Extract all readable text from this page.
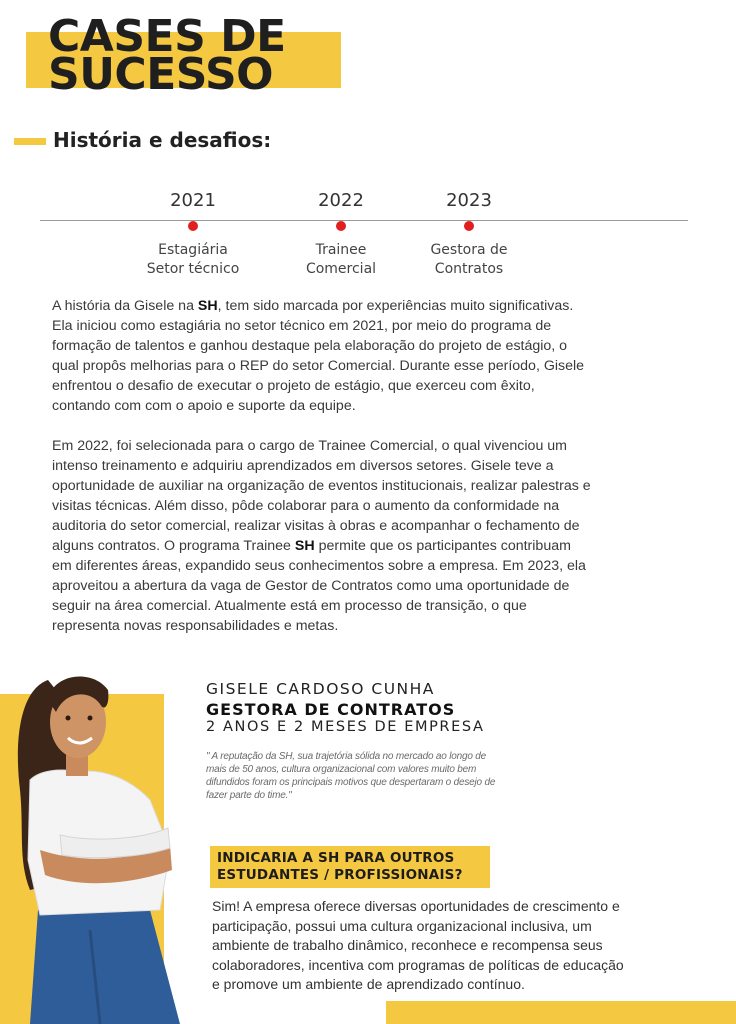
CASES DE
SUCESSO
História e desafios:
2021
Estagiária
Setor técnico
2022
Trainee
Comercial
2023
Gestora de
Contratos

A história da Gisele na SH, tem sido marcada por experiências muito significativas. Ela iniciou como estagiária no setor técnico em 2021, por meio do programa de formação de talentos e ganhou destaque pela elaboração do projeto de estágio, o qual propôs melhorias para o REP do setor Comercial. Durante esse período, Gisele enfrentou o desafio de executar o projeto de estágio, que exerceu com êxito, contando com com o apoio e suporte da equipe.

Em 2022, foi selecionada para o cargo de Trainee Comercial, o qual vivenciou um intenso treinamento e adquiriu aprendizados em diversos setores. Gisele teve a oportunidade de auxiliar na organização de eventos institucionais, realizar palestras e visitas técnicas. Além disso, pôde colaborar para o aumento da conformidade na auditoria do setor comercial, realizar visitas à obras e acompanhar o fechamento de alguns contratos. O programa Trainee SH permite que os participantes contribuam em diferentes áreas, expandido seus conhecimentos sobre a empresa. Em 2023, ela aproveitou a abertura da vaga de Gestor de Contratos como uma oportunidade de seguir na área comercial. Atualmente está em processo de transição, o que representa novas responsabilidades e metas.

GISELE CARDOSO CUNHA
GESTORA DE CONTRATOS
2 ANOS E 2 MESES DE EMPRESA

" A reputação da SH, sua trajetória sólida no mercado ao longo de mais de 50 anos, cultura organizacional com valores muito bem difundidos foram os principais motivos que despertaram o desejo de fazer parte do time."

INDICARIA A SH PARA OUTROS
ESTUDANTES / PROFISSIONAIS?

Sim! A empresa oferece diversas oportunidades de crescimento e participação, possui uma cultura organizacional inclusiva, um ambiente de trabalho dinâmico, reconhece e recompensa seus colaboradores, incentiva com programas de políticas de educação e promove um ambiente de aprendizado contínuo.
